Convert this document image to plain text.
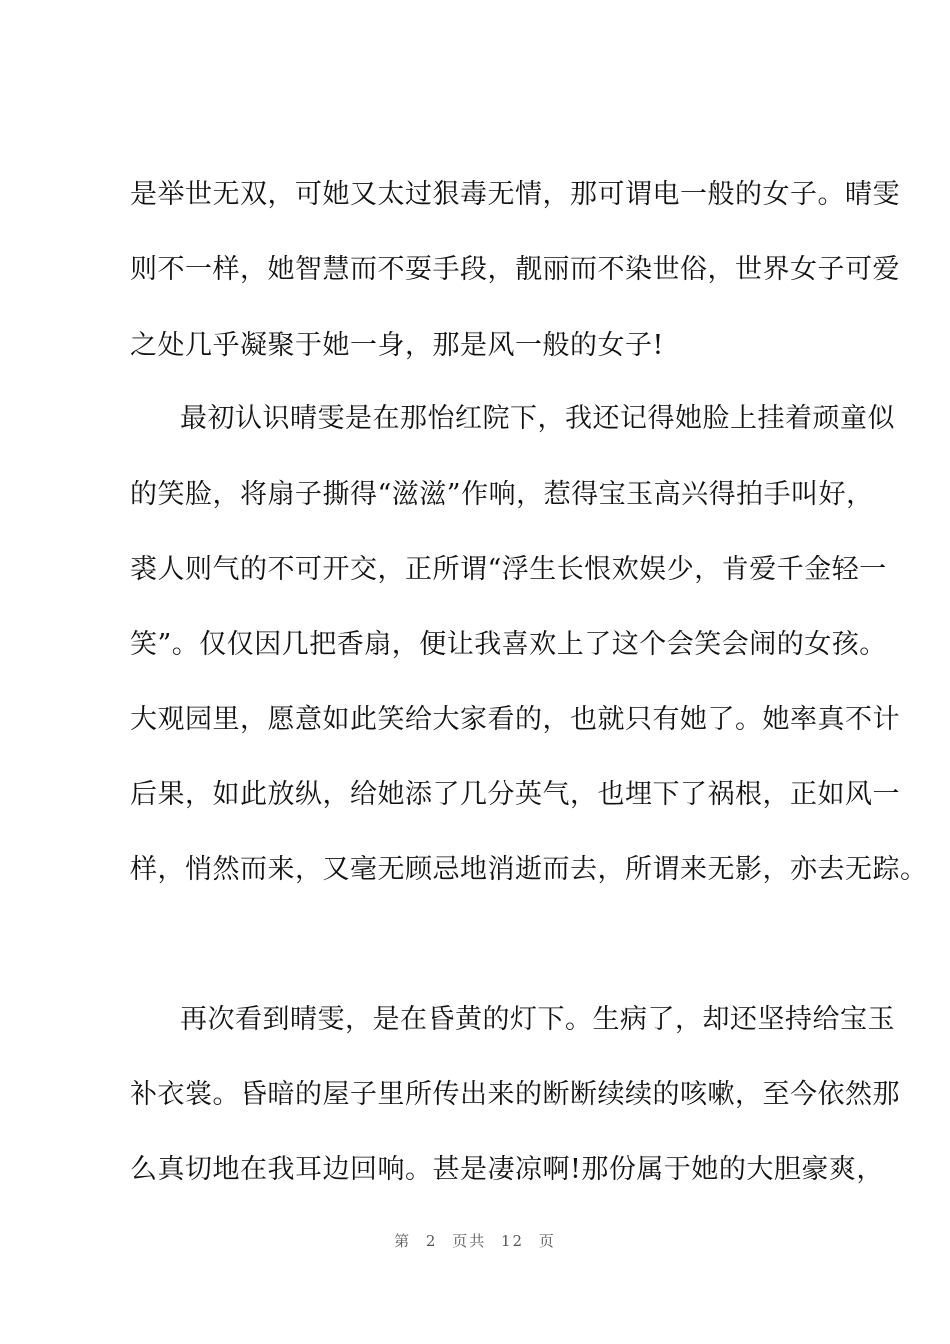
是举世无双，可她又太过狠毒无情，那可谓电一般的女子。晴雯
则不一样，她智慧而不耍手段，靓丽而不染世俗，世界女子可爱
之处几乎凝聚于她一身，那是风一般的女子!
最初认识晴雯是在那怡红院下，我还记得她脸上挂着顽童似
的笑脸，将扇子撕得“滋滋”作响，惹得宝玉高兴得拍手叫好，
裘人则气的不可开交，正所谓“浮生长恨欢娱少，肯爱千金轻一
笑”。仅仅因几把香扇，便让我喜欢上了这个会笑会闹的女孩。
大观园里，愿意如此笑给大家看的，也就只有她了。她率真不计
后果，如此放纵，给她添了几分英气，也埋下了祸根，正如风一
样，悄然而来，又毫无顾忌地消逝而去，所谓来无影，亦去无踪。
再次看到晴雯，是在昏黄的灯下。生病了，却还坚持给宝玉
补衣裳。昏暗的屋子里所传出来的断断续续的咳嗽，至今依然那
么真切地在我耳边回响。甚是凄凉啊!那份属于她的大胆豪爽，
第 2 页共 12 页
